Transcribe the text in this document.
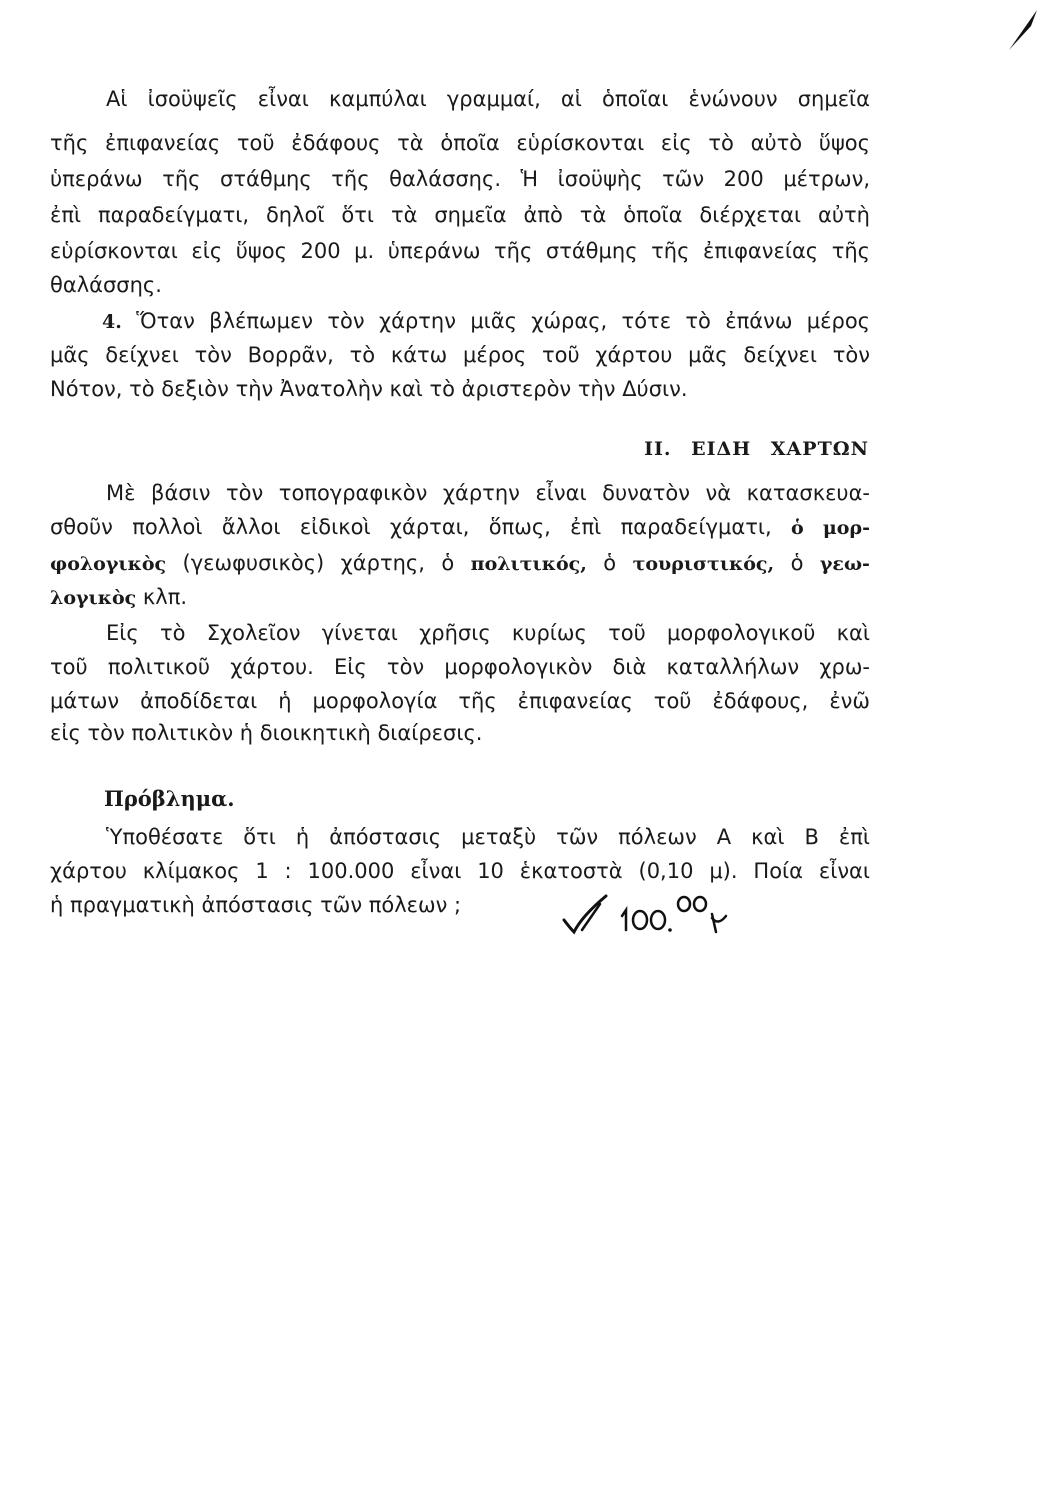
Αἱ ἰσοϋψεῖς εἶναι καμπύλαι γραμμαί, αἱ ὁποῖαι ἑνώνουν σημεῖα
τῆς ἐπιφανείας τοῦ ἐδάφους τὰ ὁποῖα εὑρίσκονται εἰς τὸ αὐτὸ ὕψος
ὑπεράνω τῆς στάθμης τῆς θαλάσσης. Ἡ ἰσοϋψὴς τῶν 200 μέτρων,
ἐπὶ παραδείγματι, δηλοῖ ὅτι τὰ σημεῖα ἀπὸ τὰ ὁποῖα διέρχεται αὐτὴ
εὑρίσκονται εἰς ὕψος 200 μ. ὑπεράνω τῆς στάθμης τῆς ἐπιφανείας τῆς
θαλάσσης.
4. Ὅταν βλέπωμεν τὸν χάρτην μιᾶς χώρας, τότε τὸ ἐπάνω μέρος
μᾶς δείχνει τὸν Βορρᾶν, τὸ κάτω μέρος τοῦ χάρτου μᾶς δείχνει τὸν
Νότον, τὸ δεξιὸν τὴν Ἀνατολὴν καὶ τὸ ἀριστερὸν τὴν Δύσιν.
II. ΕΙΔΗ ΧΑΡΤΩΝ
Μὲ βάσιν τὸν τοπογραφικὸν χάρτην εἶναι δυνατὸν νὰ κατασκευα-
σθοῦν πολλοὶ ἄλλοι εἰδικοὶ χάρται, ὅπως, ἐπὶ παραδείγματι, ὁ μορ-
φολογικὸς (γεωφυσικὸς) χάρτης, ὁ πολιτικός, ὁ τουριστικός, ὁ γεω-
λογικὸς κλπ.
Εἰς τὸ Σχολεῖον γίνεται χρῆσις κυρίως τοῦ μορφολογικοῦ καὶ
τοῦ πολιτικοῦ χάρτου. Εἰς τὸν μορφολογικὸν διὰ καταλλήλων χρω-
μάτων ἀποδίδεται ἡ μορφολογία τῆς ἐπιφανείας τοῦ ἐδάφους, ἐνῶ
εἰς τὸν πολιτικὸν ἡ διοικητικὴ διαίρεσις.
Πρόβλημα.
Ὑποθέσατε ὅτι ἡ ἀπόστασις μεταξὺ τῶν πόλεων Α καὶ Β ἐπὶ
χάρτου κλίμακος 1 : 100.000 εἶναι 10 ἑκατοστὰ (0,10 μ). Ποία εἶναι
ἡ πραγματικὴ ἀπόστασις τῶν πόλεων ;
